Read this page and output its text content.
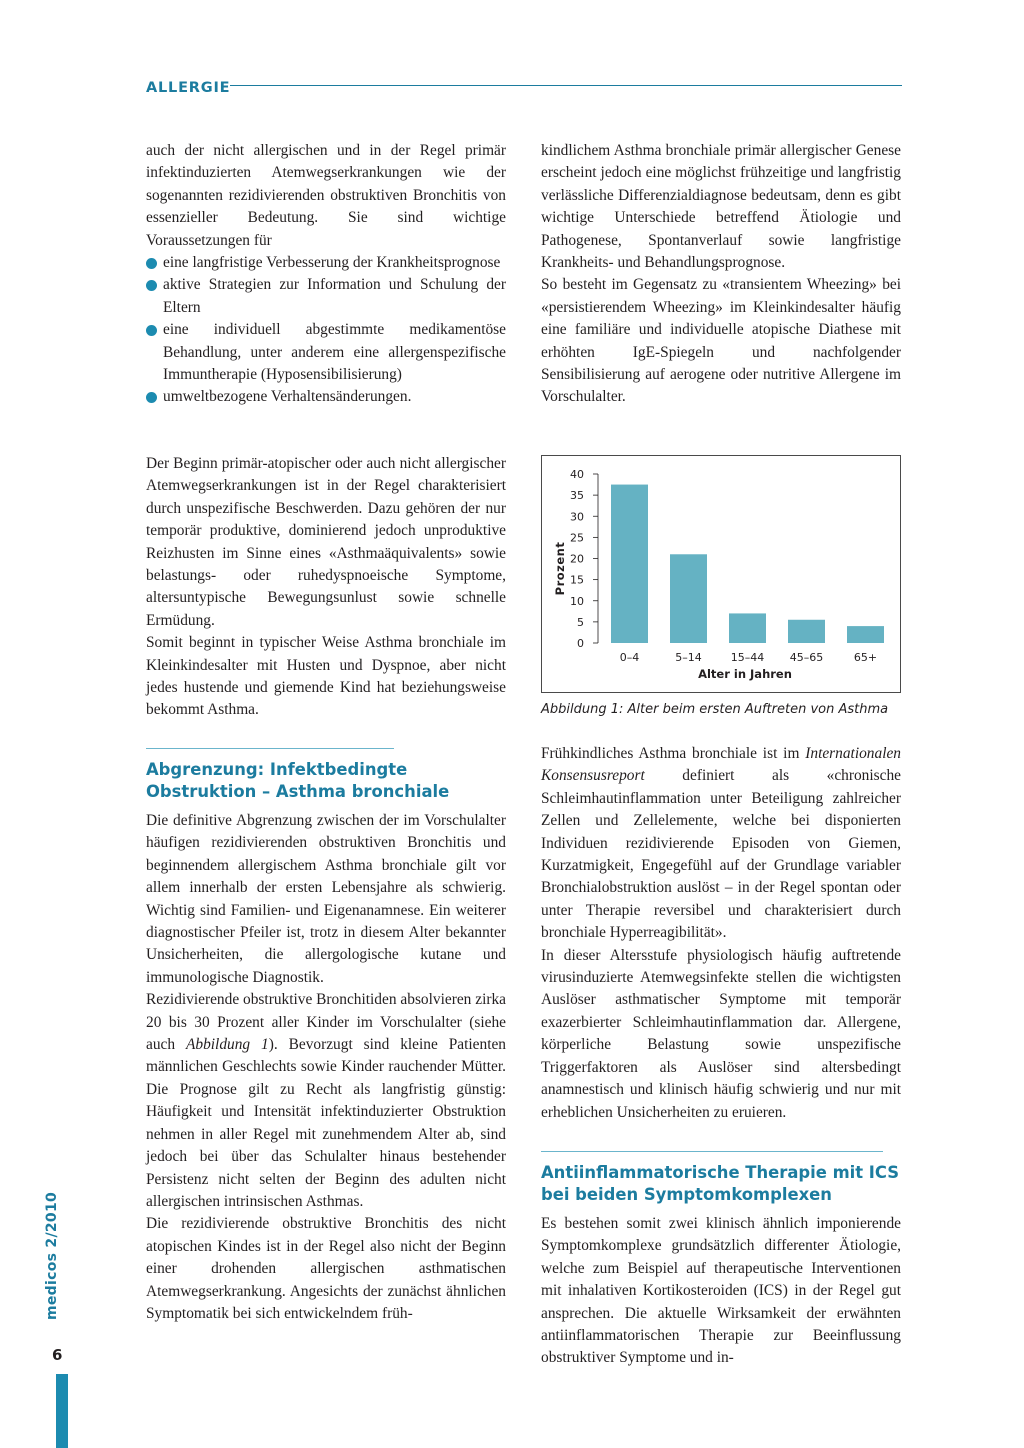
ALLERGIE

auch der nicht allergischen und in der Regel primär infektinduzierten Atemwegserkrankungen wie der sogenannten rezidivierenden obstruktiven Bronchitis von essenzieller Bedeutung. Sie sind wichtige Voraussetzungen für

eine langfristige Verbesserung der Krankheitsprognose
aktive Strategien zur Information und Schulung der Eltern
eine individuell abgestimmte medikamentöse Behandlung, unter anderem eine allergenspezifische Immuntherapie (Hyposensibilisierung)
umweltbezogene Verhaltensänderungen.

Der Beginn primär-atopischer oder auch nicht allergischer Atemwegserkrankungen ist in der Regel charakterisiert durch unspezifische Beschwerden. Dazu gehören der nur temporär produktive, dominierend jedoch unproduktive Reizhusten im Sinne eines «Asthmaäquivalents» sowie belastungs- oder ruhedyspnoeische Symptome, altersuntypische Bewegungsunlust sowie schnelle Ermüdung.

Somit beginnt in typischer Weise Asthma bronchiale im Kleinkindesalter mit Husten und Dyspnoe, aber nicht jedes hustende und giemende Kind hat beziehungsweise bekommt Asthma.

Abgrenzung: Infektbedingte
Obstruktion – Asthma bronchiale

Die definitive Abgrenzung zwischen der im Vorschulalter häufigen rezidivierenden obstruktiven Bronchitis und beginnendem allergischem Asthma bronchiale gilt vor allem innerhalb der ersten Lebensjahre als schwierig. Wichtig sind Familien- und Eigenanamnese. Ein weiterer diagnostischer Pfeiler ist, trotz in diesem Alter bekannter Unsicherheiten, die allergologische kutane und immunologische Diagnostik.

Rezidivierende obstruktive Bronchitiden absolvieren zirka 20 bis 30 Prozent aller Kinder im Vorschulalter (siehe auch Abbildung 1). Bevorzugt sind kleine Patienten männlichen Geschlechts sowie Kinder rauchender Mütter. Die Prognose gilt zu Recht als langfristig günstig: Häufigkeit und Intensität infektinduzierter Obstruktion nehmen in aller Regel mit zunehmendem Alter ab, sind jedoch bei über das Schulalter hinaus bestehender Persistenz nicht selten der Beginn des adulten nicht allergischen intrinsischen Asthmas.

Die rezidivierende obstruktive Bronchitis des nicht atopischen Kindes ist in der Regel also nicht der Beginn einer drohenden allergischen asthmatischen Atemwegserkrankung. Angesichts der zunächst ähnlichen Symptomatik bei sich entwickelndem früh-

kindlichem Asthma bronchiale primär allergischer Genese erscheint jedoch eine möglichst frühzeitige und langfristig verlässliche Differenzialdiagnose bedeutsam, denn es gibt wichtige Unterschiede betreffend Ätiologie und Pathogenese, Spontanverlauf sowie langfristige Krankheits- und Behandlungsprognose.

So besteht im Gegensatz zu «transientem Wheezing» bei «persistierendem Wheezing» im Kleinkindesalter häufig eine familiäre und individuelle atopische Diathese mit erhöhten IgE-Spiegeln und nachfolgender Sensibilisierung auf aerogene oder nutritive Allergene im Vorschulalter.

0
5
10
15
20
25
30
35
40
0–4	5–14	15–44 45–65	65+
Alter in Jahren
Prozent
Abbildung 1: Alter beim ersten Auftreten von Asthma

Frühkindliches Asthma bronchiale ist im Internationalen Konsensusreport definiert als «chronische Schleimhautinflammation unter Beteiligung zahlreicher Zellen und Zellelemente, welche bei disponierten Individuen rezidivierende Episoden von Giemen, Kurzatmigkeit, Engegefühl auf der Grundlage variabler Bronchialobstruktion auslöst – in der Regel spontan oder unter Therapie reversibel und charakterisiert durch bronchiale Hyperreagibilität».

In dieser Altersstufe physiologisch häufig auftretende virusinduzierte Atemwegsinfekte stellen die wichtigsten Auslöser asthmatischer Symptome mit temporär exazerbierter Schleimhautinflammation dar. Allergene, körperliche Belastung sowie unspezifische Triggerfaktoren als Auslöser sind altersbedingt anamnestisch und klinisch häufig schwierig und nur mit erheblichen Unsicherheiten zu eruieren.

Antiinflammatorische Therapie mit ICS
bei beiden Symptomkomplexen

Es bestehen somit zwei klinisch ähnlich imponierende Symptomkomplexe grundsätzlich differenter Ätiologie, welche zum Beispiel auf therapeutische Interventionen mit inhalativen Kortikosteroiden (ICS) in der Regel gut ansprechen. Die aktuelle Wirksamkeit der erwähnten antiinflammatorischen Therapie zur Beeinflussung obstruktiver Symptome und in-

medicos 2/2010
6
